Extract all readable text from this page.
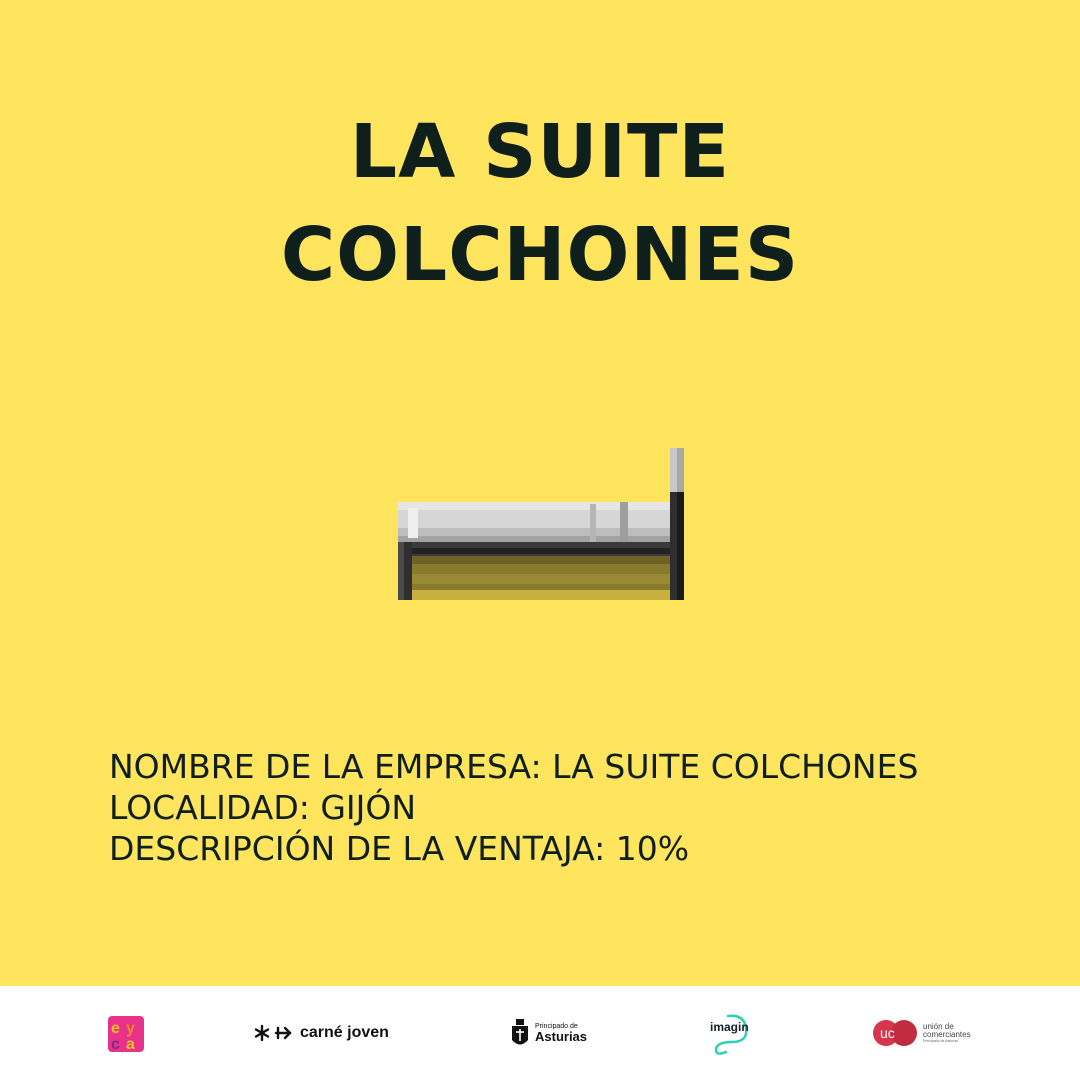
LA SUITE
COLCHONES
NOMBRE DE LA EMPRESA: LA SUITE COLCHONES
LOCALIDAD: GIJÓN
DESCRIPCIÓN DE LA VENTAJA: 10%
e y
c a
carné joven	Principado de
Asturias
imagin	uc	unión de
comerciantes
Principado de Asturias
